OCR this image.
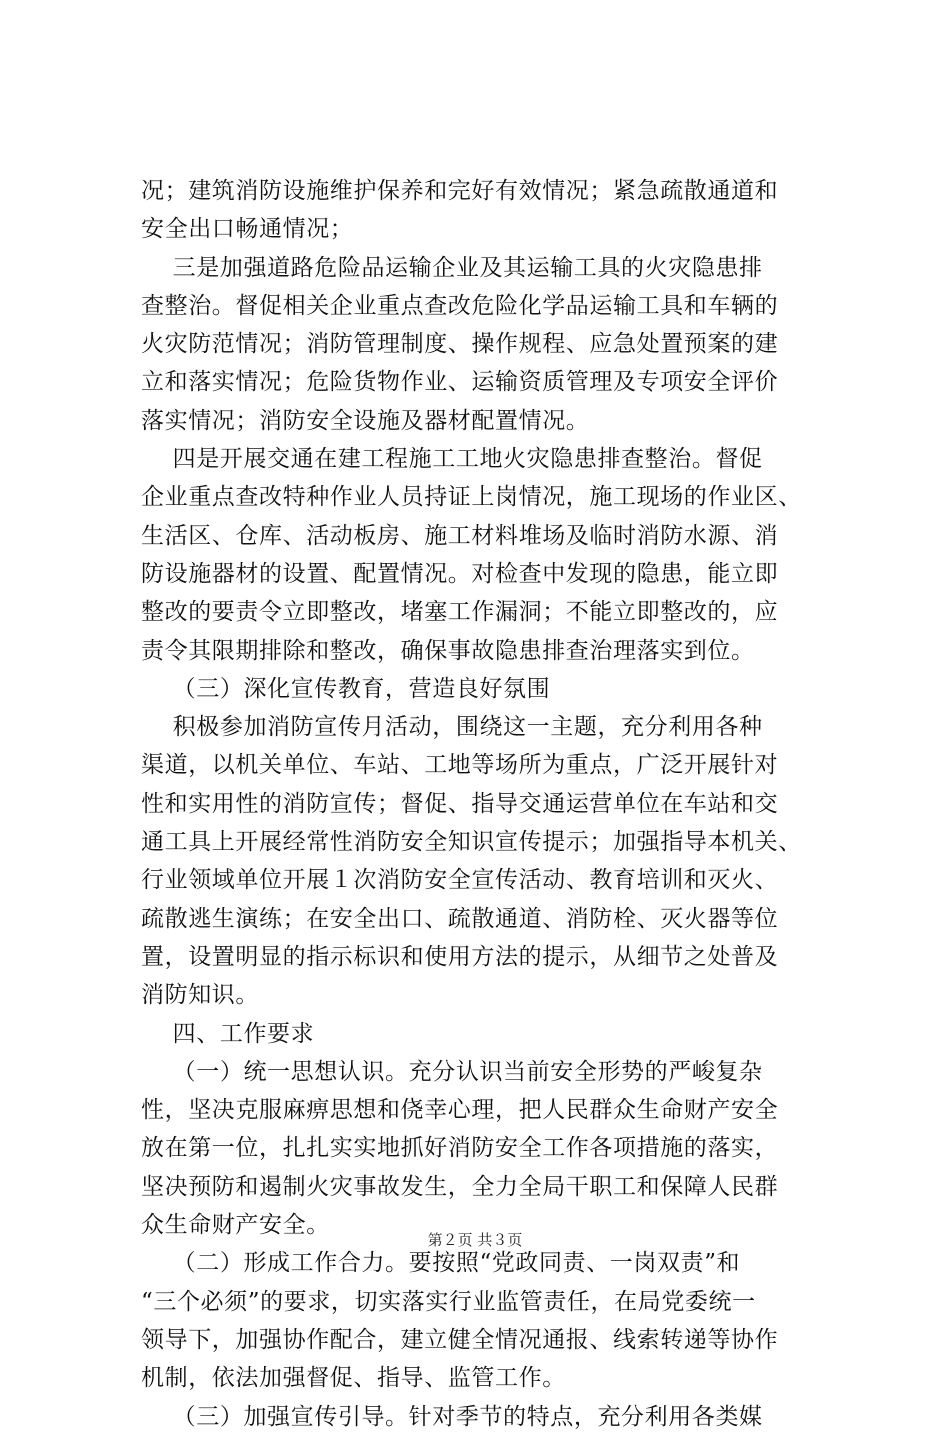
况；建筑消防设施维护保养和完好有效情况；紧急疏散通道和
安全出口畅通情况；
三是加强道路危险品运输企业及其运输工具的火灾隐患排
查整治。督促相关企业重点查改危险化学品运输工具和车辆的
火灾防范情况；消防管理制度、操作规程、应急处置预案的建
立和落实情况；危险货物作业、运输资质管理及专项安全评价
落实情况；消防安全设施及器材配置情况。
四是开展交通在建工程施工工地火灾隐患排查整治。督促
企业重点查改特种作业人员持证上岗情况，施工现场的作业区、
生活区、仓库、活动板房、施工材料堆场及临时消防水源、消
防设施器材的设置、配置情况。对检查中发现的隐患，能立即
整改的要责令立即整改，堵塞工作漏洞；不能立即整改的，应
责令其限期排除和整改，确保事故隐患排查治理落实到位。
（三）深化宣传教育，营造良好氛围
积极参加消防宣传月活动，围绕这一主题，充分利用各种
渠道，以机关单位、车站、工地等场所为重点，广泛开展针对
性和实用性的消防宣传；督促、指导交通运营单位在车站和交
通工具上开展经常性消防安全知识宣传提示；加强指导本机关、
行业领域单位开展１次消防安全宣传活动、教育培训和灭火、
疏散逃生演练；在安全出口、疏散通道、消防栓、灭火器等位
置，设置明显的指示标识和使用方法的提示，从细节之处普及
消防知识。
四、工作要求
（一）统一思想认识。充分认识当前安全形势的严峻复杂
性，坚决克服麻痹思想和侥幸心理，把人民群众生命财产安全
放在第一位，扎扎实实地抓好消防安全工作各项措施的落实，
坚决预防和遏制火灾事故发生，全力全局干职工和保障人民群
众生命财产安全。
（二）形成工作合力。要按照“党政同责、一岗双责”和
“三个必须”的要求，切实落实行业监管责任，在局党委统一
领导下，加强协作配合，建立健全情况通报、线索转递等协作
机制，依法加强督促、指导、监管工作。
（三）加强宣传引导。针对季节的特点，充分利用各类媒
第２页 共３页
